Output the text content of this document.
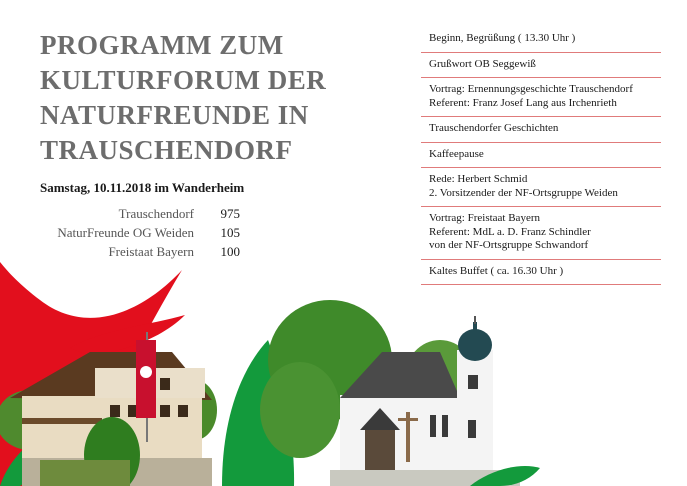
PROGRAMM ZUM
KULTURFORUM DER
NATURFREUNDE IN
TRAUSCHENDORF
Samstag, 10.11.2018 im Wanderheim
Trauschendorf	975
NaturFreunde OG Weiden	105
Freistaat Bayern	100
Beginn, Begrüßung ( 13.30 Uhr )
Grußwort OB Seggewiß
Vortrag: Ernennungsgeschichte Trauschendorf
Referent: Franz Josef Lang aus Irchenrieth
Trauschendorfer Geschichten
Kaffeepause
Rede: Herbert Schmid
2. Vorsitzender der NF-Ortsgruppe Weiden
Vortrag: Freistaat Bayern
Referent: MdL a. D. Franz Schindler
von der NF-Ortsgruppe Schwandorf
Kaltes Buffet ( ca. 16.30 Uhr )
